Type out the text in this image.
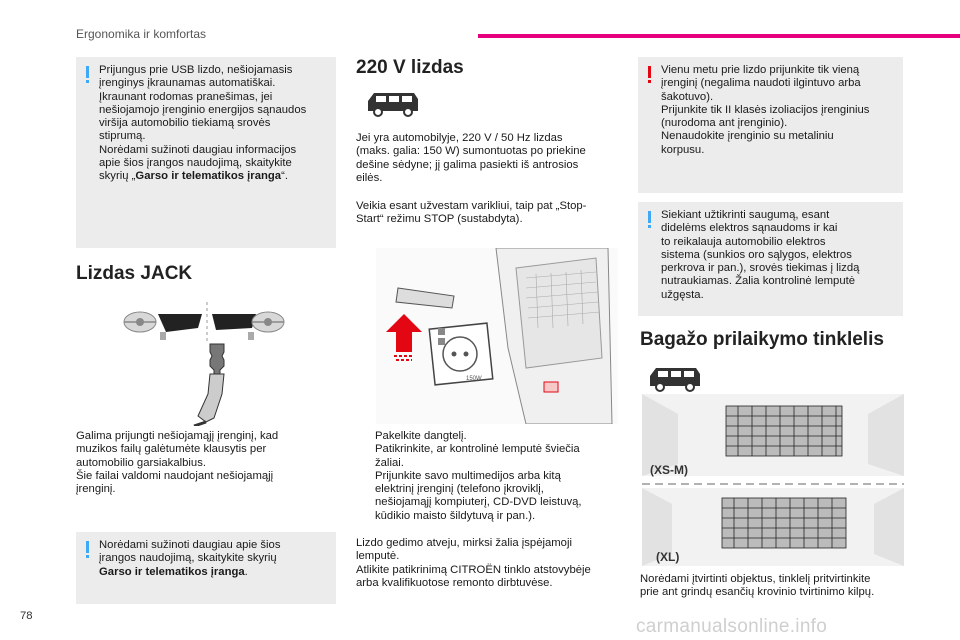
Ergonomika ir komfortas
Prijungus prie USB lizdo, nešiojamasis
įrenginys įkraunamas automatiškai.
Įkraunant rodomas pranešimas, jei
nešiojamojo įrenginio energijos sąnaudos
viršija automobilio tiekiamą srovės
stiprumą.
Norėdami sužinoti daugiau informacijos
apie šios įrangos naudojimą, skaitykite
skyrių „Garso ir telematikos įranga“.
Lizdas JACK
Galima prijungti nešiojamąjį įrenginį, kad
muzikos failų galėtumėte klausytis per
automobilio garsiakalbius.
Šie failai valdomi naudojant nešiojamąjį
įrenginį.
Norėdami sužinoti daugiau apie šios
įrangos naudojimą, skaitykite skyrių
Garso ir telematikos įranga.
220 V lizdas
Jei yra automobilyje, 220 V / 50 Hz lizdas
(maks. galia: 150 W) sumontuotas po priekine
dešine sėdyne; jį galima pasiekti iš antrosios
eilės.
Veikia esant užvestam varikliui, taip pat „Stop-
Start“ režimu STOP (sustabdyta).
150W
Pakelkite dangtelį.
Patikrinkite, ar kontrolinė lemputė šviečia
žaliai.
Prijunkite savo multimedijos arba kitą
elektrinį įrenginį (telefono įkroviklį,
nešiojamąjį kompiuterį, CD-DVD leistuvą,
kūdikio maisto šildytuvą ir pan.).
Lizdo gedimo atveju, mirksi žalia įspėjamoji
lemputė.
Atlikite patikrinimą CITROËN tinklo atstovybėje
arba kvalifikuotose remonto dirbtuvėse.
Vienu metu prie lizdo prijunkite tik vieną
įrenginį (negalima naudoti ilgintuvo arba
šakotuvo).
Prijunkite tik II klasės izoliacijos įrenginius
(nurodoma ant įrenginio).
Nenaudokite įrenginio su metaliniu
korpusu.
Siekiant užtikrinti saugumą, esant
didelėms elektros sąnaudoms ir kai
to reikalauja automobilio elektros
sistema (sunkios oro sąlygos, elektros
perkrova ir pan.), srovės tiekimas į lizdą
nutraukiamas. Žalia kontrolinė lemputė
užgęsta.
Bagažo prilaikymo tinklelis
(XS-M)
(XL)
Norėdami įtvirtinti objektus, tinklelį pritvirtinkite
prie ant grindų esančių krovinio tvirtinimo kilpų.
78	carmanualsonline.info
